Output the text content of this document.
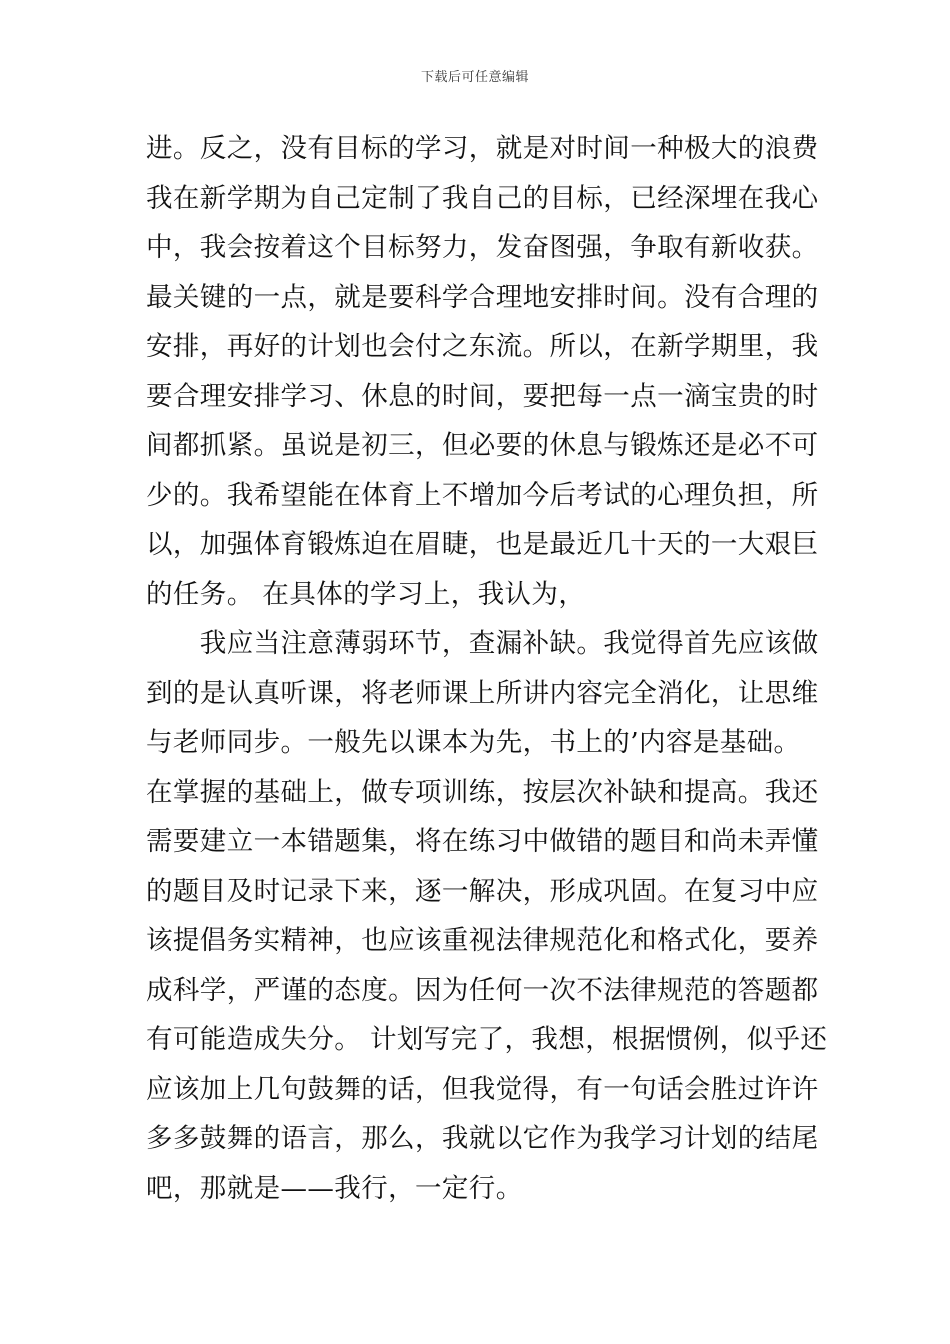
下载后可任意编辑
进。反之，没有目标的学习，就是对时间一种极大的浪费
我在新学期为自己定制了我自己的目标，已经深埋在我心
中，我会按着这个目标努力，发奋图强，争取有新收获。
最关键的一点，就是要科学合理地安排时间。没有合理的
安排，再好的计划也会付之东流。所以，在新学期里，我
要合理安排学习、休息的时间，要把每一点一滴宝贵的时
间都抓紧。虽说是初三，但必要的休息与锻炼还是必不可
少的。我希望能在体育上不增加今后考试的心理负担，所
以，加强体育锻炼迫在眉睫，也是最近几十天的一大艰巨
的任务。 在具体的学习上，我认为，
　　我应当注意薄弱环节，查漏补缺。我觉得首先应该做
到的是认真听课，将老师课上所讲内容完全消化，让思维
与老师同步。一般先以课本为先，书上的’内容是基础。
在掌握的基础上，做专项训练，按层次补缺和提高。我还
需要建立一本错题集，将在练习中做错的题目和尚未弄懂
的题目及时记录下来，逐一解决，形成巩固。在复习中应
该提倡务实精神，也应该重视法律规范化和格式化，要养
成科学，严谨的态度。因为任何一次不法律规范的答题都
有可能造成失分。 计划写完了，我想，根据惯例，似乎还
应该加上几句鼓舞的话，但我觉得，有一句话会胜过许许
多多鼓舞的语言，那么，我就以它作为我学习计划的结尾
吧，那就是——我行，一定行。
